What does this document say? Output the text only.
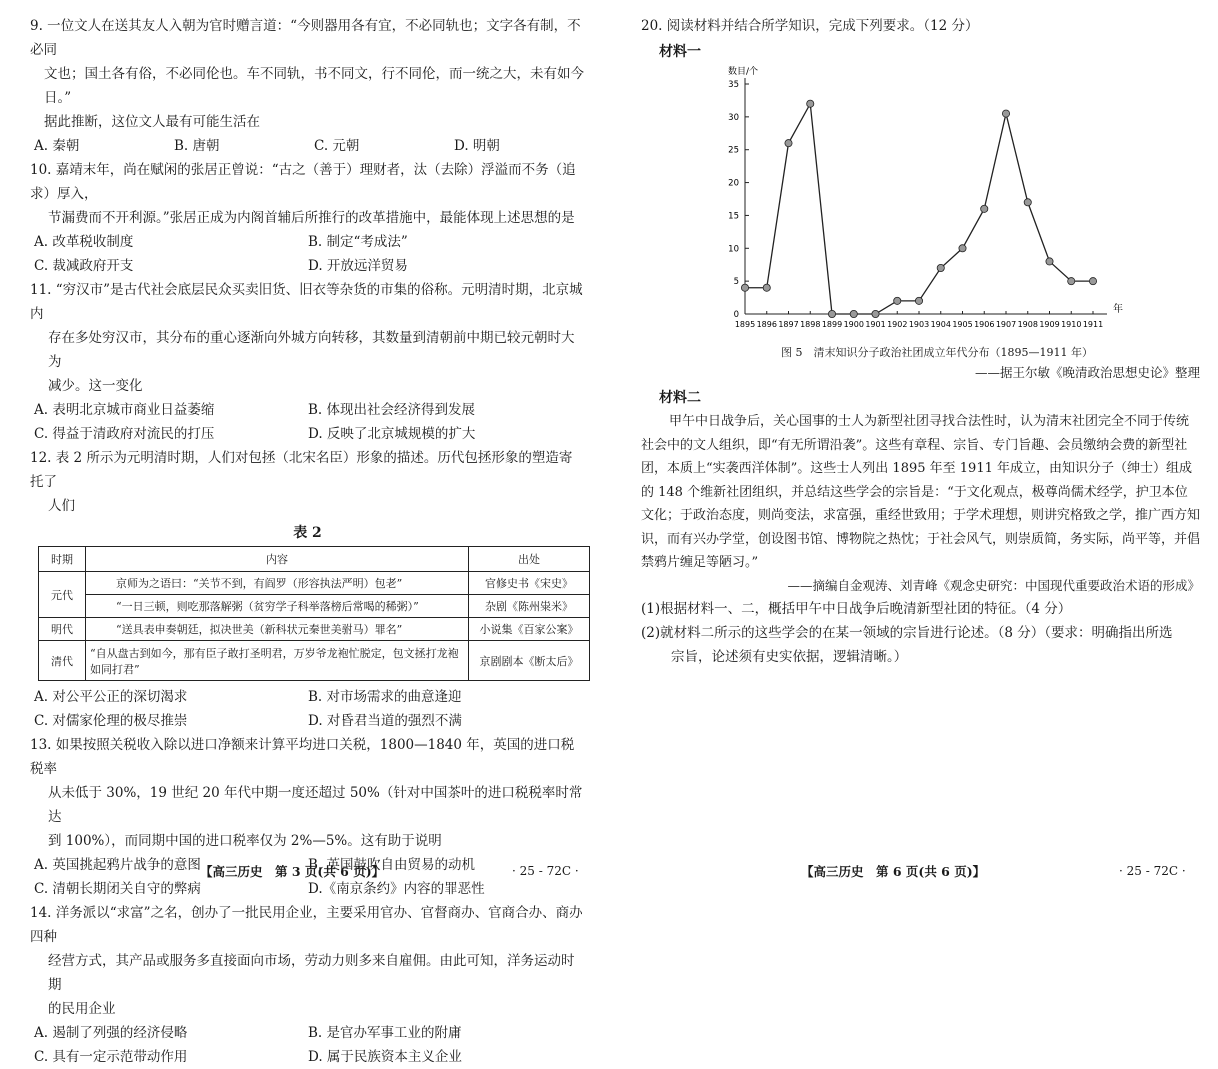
9. 一位文人在送其友人入朝为官时赠言道：“今则器用各有宜，不必同轨也；文字各有制，不必同
文也；国土各有俗，不必同伦也。车不同轨，书不同文，行不同伦，而一统之大，未有如今日。”
据此推断，这位文人最有可能生活在

A. 秦朝	B. 唐朝	C. 元朝	D. 明朝

10. 嘉靖末年，尚在赋闲的张居正曾说：“古之（善于）理财者，汰（去除）浮溢而不务（追求）厚入，
节漏费而不开利源。”张居正成为内阁首辅后所推行的改革措施中，最能体现上述思想的是

A. 改革税收制度	B. 制定“考成法”
C. 裁减政府开支	D. 开放远洋贸易

11. “穷汉市”是古代社会底层民众买卖旧货、旧衣等杂货的市集的俗称。元明清时期，北京城内
存在多处穷汉市，其分布的重心逐渐向外城方向转移，其数量到清朝前中期已较元朝时大为
减少。这一变化

A. 表明北京城市商业日益萎缩	B. 体现出社会经济得到发展
C. 得益于清政府对流民的打压	D. 反映了北京城规模的扩大

12. 表 2 所示为元明清时期，人们对包拯（北宋名臣）形象的描述。历代包拯形象的塑造寄托了
人们

表 2
时期	内容	出处
元代	京师为之语曰：“关节不到，有阎罗（形容执法严明）包老”	官修史书《宋史》
	“一日三顿，则吃那落解粥（贫穷学子科举落榜后常喝的稀粥）”	杂剧《陈州粜米》
明代	“送具表申奏朝廷，拟决世美（新科状元秦世美驸马）罪名”	小说集《百家公案》
清代	“自从盘古到如今，那有臣子敢打圣明君，万岁爷龙袍忙脱定，包文拯打龙袍如同打君”	京剧剧本《断太后》
A. 对公平公正的深切渴求	B. 对市场需求的曲意逢迎
C. 对儒家伦理的极尽推崇	D. 对昏君当道的强烈不满

13. 如果按照关税收入除以进口净额来计算平均进口关税，1800—1840 年，英国的进口税税率
从未低于 30%，19 世纪 20 年代中期一度还超过 50%（针对中国茶叶的进口税税率时常达
到 100%），而同期中国的进口税率仅为 2%—5%。这有助于说明

A. 英国挑起鸦片战争的意图	B. 英国鼓吹自由贸易的动机
C. 清朝长期闭关自守的弊病	D.《南京条约》内容的罪恶性

14. 洋务派以“求富”之名，创办了一批民用企业，主要采用官办、官督商办、官商合办、商办四种
经营方式，其产品或服务多直接面向市场，劳动力则多来自雇佣。由此可知，洋务运动时期
的民用企业

A. 遏制了列强的经济侵略	B. 是官办军事工业的附庸
C. 具有一定示范带动作用	D. 属于民族资本主义企业
【高三历史　第 3 页(共 6 页)】	· 25 - 72C ·

20. 阅读材料并结合所学知识，完成下列要求。（12 分）

材料一
数目/个
年
0
5
10
15
20
25
30
35
1895 1896 1897 1898 1899 1900 1901 1902 1903 1904 1905 1906 1907 1908 1909 1910 1911
图 5　清末知识分子政治社团成立年代分布（1895—1911 年）
——据王尔敏《晚清政治思想史论》整理
材料二

甲午中日战争后，关心国事的士人为新型社团寻找合法性时，认为清末社团完全不同于传统社会中的文人组织，即“有无所谓沿袭”。这些有章程、宗旨、专门旨趣、会员缴纳会费的新型社团，本质上“实袭西洋体制”。这些士人列出 1895 年至 1911 年成立，由知识分子（绅士）组成的 148 个维新社团组织，并总结这些学会的宗旨是：“于文化观点，极尊尚儒术经学，护卫本位文化；于政治态度，则尚变法，求富强，重经世致用；于学术理想，则讲究格致之学，推广西方知识，而有兴办学堂，创设图书馆、博物院之热忱；于社会风气，则崇质简，务实际，尚平等，并倡禁鸦片缠足等陋习。”

——摘编自金观涛、刘青峰《观念史研究：中国现代重要政治术语的形成》

(1)根据材料一、二，概括甲午中日战争后晚清新型社团的特征。（4 分）

(2)就材料二所示的这些学会的在某一领域的宗旨进行论述。（8 分）（要求：明确指出所选
宗旨，论述须有史实依据，逻辑清晰。）

【高三历史　第 6 页(共 6 页)】	· 25 - 72C ·
